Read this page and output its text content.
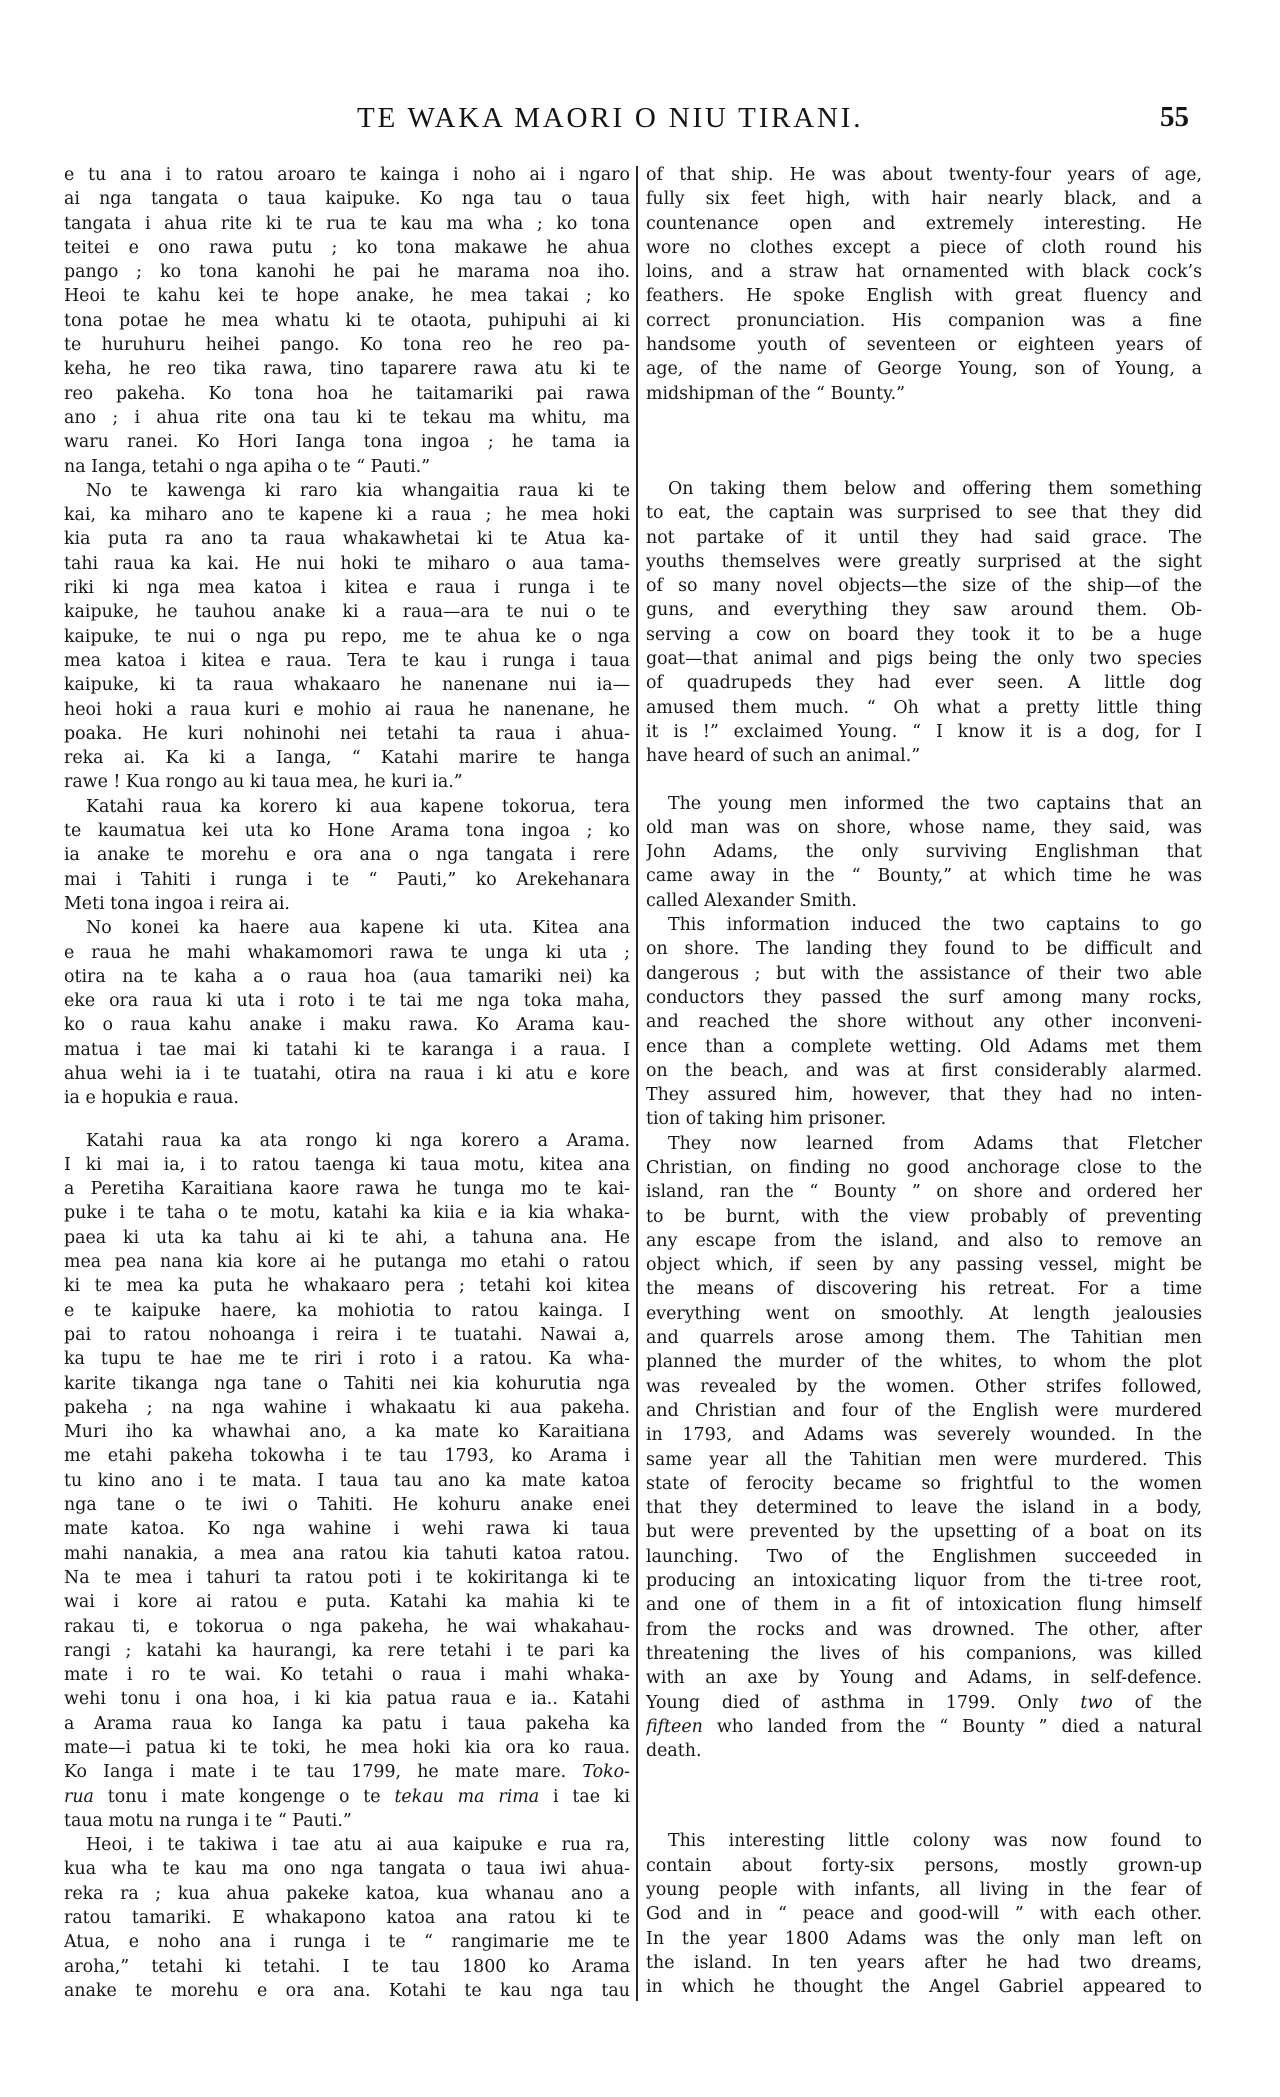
TE WAKA MAORI O NIU TIRANI.	55
e tu ana i to ratou aroaro te kainga i noho ai i ngaro
ai nga tangata o taua kaipuke. Ko nga tau o taua
tangata i ahua rite ki te rua te kau ma wha ; ko tona
teitei e ono rawa putu ; ko tona makawe he ahua
pango ; ko tona kanohi he pai he marama noa iho.
Heoi te kahu kei te hope anake, he mea takai ; ko
tona potae he mea whatu ki te otaota, puhipuhi ai ki
te huruhuru heihei pango. Ko tona reo he reo pa-
keha, he reo tika rawa, tino taparere rawa atu ki te
reo pakeha. Ko tona hoa he taitamariki pai rawa
ano ; i ahua rite ona tau ki te tekau ma whitu, ma
waru ranei. Ko Hori Ianga tona ingoa ; he tama ia
na Ianga, tetahi o nga apiha o te “ Pauti.”
No te kawenga ki raro kia whangaitia raua ki te
kai, ka miharo ano te kapene ki a raua ; he mea hoki
kia puta ra ano ta raua whakawhetai ki te Atua ka-
tahi raua ka kai. He nui hoki te miharo o aua tama-
riki ki nga mea katoa i kitea e raua i runga i te
kaipuke, he tauhou anake ki a raua—ara te nui o te
kaipuke, te nui o nga pu repo, me te ahua ke o nga
mea katoa i kitea e raua. Tera te kau i runga i taua
kaipuke, ki ta raua whakaaro he nanenane nui ia—
heoi hoki a raua kuri e mohio ai raua he nanenane, he
poaka. He kuri nohinohi nei tetahi ta raua i ahua-
reka ai. Ka ki a Ianga, “ Katahi marire te hanga
rawe ! Kua rongo au ki taua mea, he kuri ia.”
Katahi raua ka korero ki aua kapene tokorua, tera
te kaumatua kei uta ko Hone Arama tona ingoa ; ko
ia anake te morehu e ora ana o nga tangata i rere
mai i Tahiti i runga i te “ Pauti,” ko Arekehanara
Meti tona ingoa i reira ai.
No konei ka haere aua kapene ki uta. Kitea ana
e raua he mahi whakamomori rawa te unga ki uta ;
otira na te kaha a o raua hoa (aua tamariki nei) ka
eke ora raua ki uta i roto i te tai me nga toka maha,
ko o raua kahu anake i maku rawa. Ko Arama kau-
matua i tae mai ki tatahi ki te karanga i a raua. I
ahua wehi ia i te tuatahi, otira na raua i ki atu e kore
ia e hopukia e raua.
Katahi raua ka ata rongo ki nga korero a Arama.
I ki mai ia, i to ratou taenga ki taua motu, kitea ana
a Peretiha Karaitiana kaore rawa he tunga mo te kai-
puke i te taha o te motu, katahi ka kiia e ia kia whaka-
paea ki uta ka tahu ai ki te ahi, a tahuna ana. He
mea pea nana kia kore ai he putanga mo etahi o ratou
ki te mea ka puta he whakaaro pera ; tetahi koi kitea
e te kaipuke haere, ka mohiotia to ratou kainga. I
pai to ratou nohoanga i reira i te tuatahi. Nawai a,
ka tupu te hae me te riri i roto i a ratou. Ka wha-
karite tikanga nga tane o Tahiti nei kia kohurutia nga
pakeha ; na nga wahine i whakaatu ki aua pakeha.
Muri iho ka whawhai ano, a ka mate ko Karaitiana
me etahi pakeha tokowha i te tau 1793, ko Arama i
tu kino ano i te mata. I taua tau ano ka mate katoa
nga tane o te iwi o Tahiti. He kohuru anake enei
mate katoa. Ko nga wahine i wehi rawa ki taua
mahi nanakia, a mea ana ratou kia tahuti katoa ratou.
Na te mea i tahuri ta ratou poti i te kokiritanga ki te
wai i kore ai ratou e puta. Katahi ka mahia ki te
rakau ti, e tokorua o nga pakeha, he wai whakahau-
rangi ; katahi ka haurangi, ka rere tetahi i te pari ka
mate i ro te wai. Ko tetahi o raua i mahi whaka-
wehi tonu i ona hoa, i ki kia patua raua e ia.. Katahi
a Arama raua ko Ianga ka patu i taua pakeha ka
mate—i patua ki te toki, he mea hoki kia ora ko raua.
Ko Ianga i mate i te tau 1799, he mate mare. Toko-
rua tonu i mate kongenge o te tekau ma rima i tae ki
taua motu na runga i te “ Pauti.”
Heoi, i te takiwa i tae atu ai aua kaipuke e rua ra,
kua wha te kau ma ono nga tangata o taua iwi ahua-
reka ra ; kua ahua pakeke katoa, kua whanau ano a
ratou tamariki. E whakapono katoa ana ratou ki te
Atua, e noho ana i runga i te “ rangimarie me te
aroha,” tetahi ki tetahi. I te tau 1800 ko Arama
anake te morehu e ora ana. Kotahi te kau nga tau
of that ship. He was about twenty-four years of age,
fully six feet high, with hair nearly black, and a
countenance open and extremely interesting. He
wore no clothes except a piece of cloth round his
loins, and a straw hat ornamented with black cock’s
feathers. He spoke English with great fluency and
correct pronunciation. His companion was a fine
handsome youth of seventeen or eighteen years of
age, of the name of George Young, son of Young, a
midshipman of the “ Bounty.”
On taking them below and offering them something
to eat, the captain was surprised to see that they did
not partake of it until they had said grace. The
youths themselves were greatly surprised at the sight
of so many novel objects—the size of the ship—of the
guns, and everything they saw around them. Ob-
serving a cow on board they took it to be a huge
goat—that animal and pigs being the only two species
of quadrupeds they had ever seen. A little dog
amused them much. “ Oh what a pretty little thing
it is !” exclaimed Young. “ I know it is a dog, for I
have heard of such an animal.”
The young men informed the two captains that an
old man was on shore, whose name, they said, was
John Adams, the only surviving Englishman that
came away in the “ Bounty,” at which time he was
called Alexander Smith.
This information induced the two captains to go
on shore. The landing they found to be difficult and
dangerous ; but with the assistance of their two able
conductors they passed the surf among many rocks,
and reached the shore without any other inconveni-
ence than a complete wetting. Old Adams met them
on the beach, and was at first considerably alarmed.
They assured him, however, that they had no inten-
tion of taking him prisoner.
They now learned from Adams that Fletcher
Christian, on finding no good anchorage close to the
island, ran the “ Bounty ” on shore and ordered her
to be burnt, with the view probably of preventing
any escape from the island, and also to remove an
object which, if seen by any passing vessel, might be
the means of discovering his retreat. For a time
everything went on smoothly. At length jealousies
and quarrels arose among them. The Tahitian men
planned the murder of the whites, to whom the plot
was revealed by the women. Other strifes followed,
and Christian and four of the English were murdered
in 1793, and Adams was severely wounded. In the
same year all the Tahitian men were murdered. This
state of ferocity became so frightful to the women
that they determined to leave the island in a body,
but were prevented by the upsetting of a boat on its
launching. Two of the Englishmen succeeded in
producing an intoxicating liquor from the ti-tree root,
and one of them in a fit of intoxication flung himself
from the rocks and was drowned. The other, after
threatening the lives of his companions, was killed
with an axe by Young and Adams, in self-defence.
Young died of asthma in 1799. Only two of the
fifteen who landed from the “ Bounty ” died a natural
death.
This interesting little colony was now found to
contain about forty-six persons, mostly grown-up
young people with infants, all living in the fear of
God and in “ peace and good-will ” with each other.
In the year 1800 Adams was the only man left on
the island. In ten years after he had two dreams,
in which he thought the Angel Gabriel appeared to
